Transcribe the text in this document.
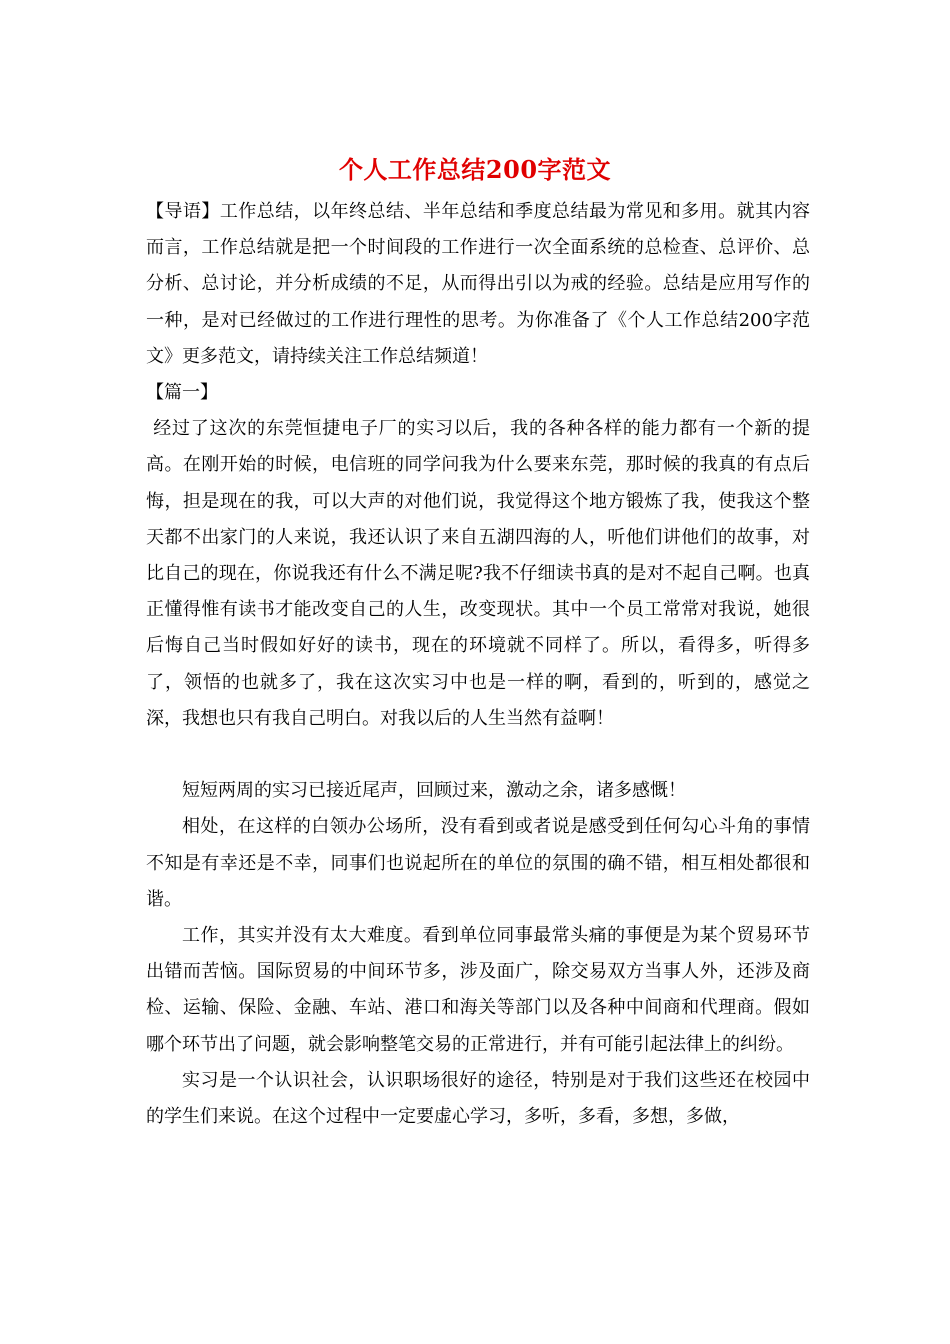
个人工作总结200字范文

【导语】工作总结，以年终总结、半年总结和季度总结最为常见和多用。就其内容而言，工作总结就是把一个时间段的工作进行一次全面系统的总检查、总评价、总分析、总讨论，并分析成绩的不足，从而得出引以为戒的经验。总结是应用写作的一种，是对已经做过的工作进行理性的思考。为你准备了《个人工作总结200字范文》更多范文，请持续关注工作总结频道！

【篇一】

经过了这次的东莞恒捷电子厂的实习以后，我的各种各样的能力都有一个新的提高。在刚开始的时候，电信班的同学问我为什么要来东莞，那时候的我真的有点后悔，担是现在的我，可以大声的对他们说，我觉得这个地方锻炼了我，使我这个整天都不出家门的人来说，我还认识了来自五湖四海的人，听他们讲他们的故事，对比自己的现在，你说我还有什么不满足呢?我不仔细读书真的是对不起自己啊。也真正懂得惟有读书才能改变自己的人生，改变现状。其中一个员工常常对我说，她很后悔自己当时假如好好的读书，现在的环境就不同样了。所以，看得多，听得多了，领悟的也就多了，我在这次实习中也是一样的啊，看到的，听到的，感觉之深，我想也只有我自己明白。对我以后的人生当然有益啊！

短短两周的实习已接近尾声，回顾过来，激动之余，诸多感慨！

相处，在这样的白领办公场所，没有看到或者说是感受到任何勾心斗角的事情不知是有幸还是不幸，同事们也说起所在的单位的氛围的确不错，相互相处都很和谐。

工作，其实并没有太大难度。看到单位同事最常头痛的事便是为某个贸易环节出错而苦恼。国际贸易的中间环节多，涉及面广，除交易双方当事人外，还涉及商检、运输、保险、金融、车站、港口和海关等部门以及各种中间商和代理商。假如哪个环节出了问题，就会影响整笔交易的正常进行，并有可能引起法律上的纠纷。

实习是一个认识社会，认识职场很好的途径，特别是对于我们这些还在校园中的学生们来说。在这个过程中一定要虚心学习，多听，多看，多想，多做，
